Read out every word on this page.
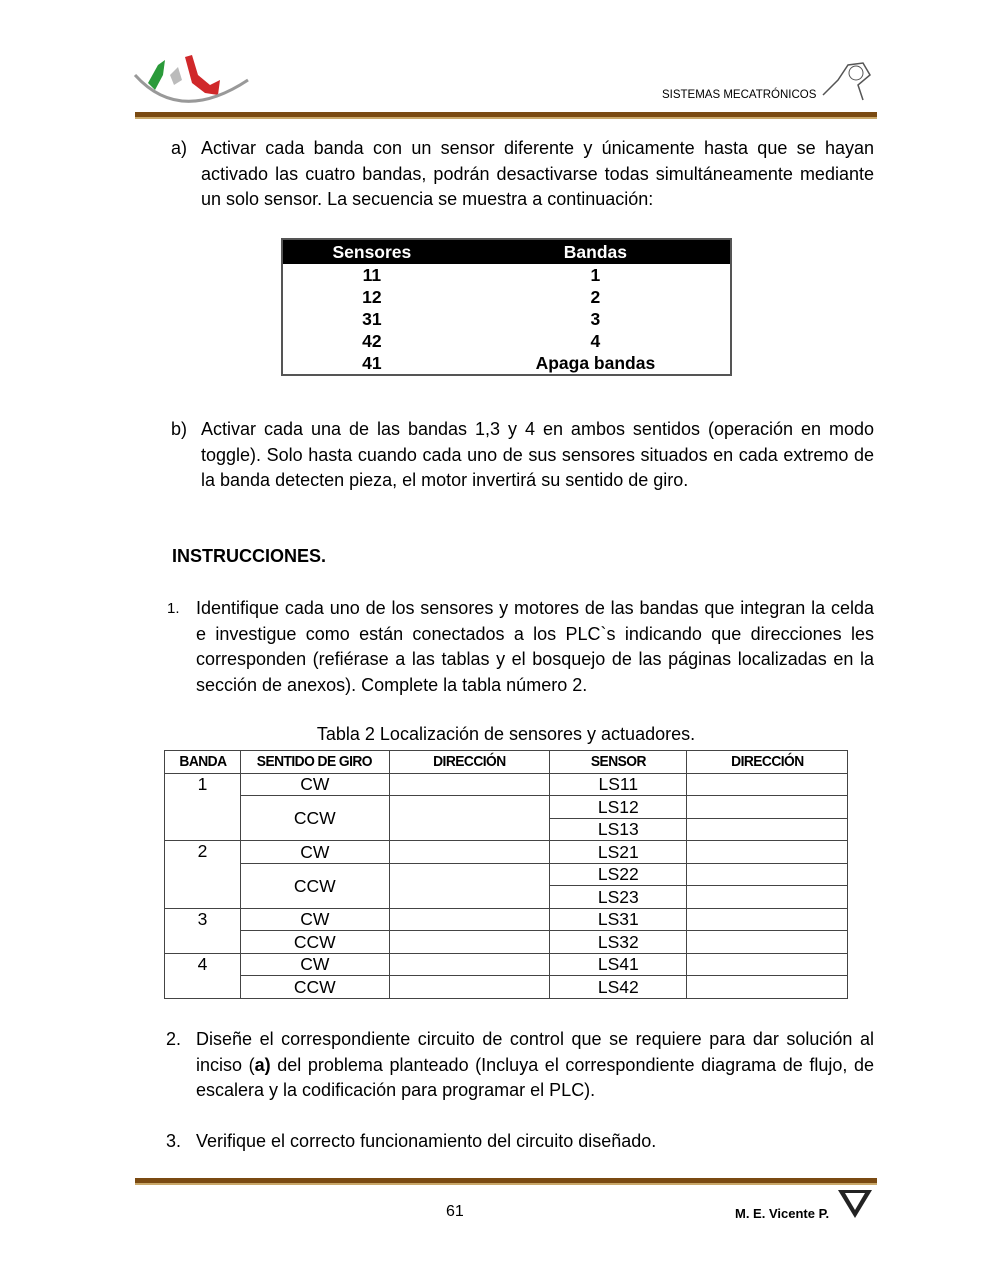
SISTEMAS MECATRÓNICOS
a) Activar cada banda con un sensor diferente y únicamente hasta que se hayan activado las cuatro bandas, podrán desactivarse todas simultáneamente mediante un solo sensor. La secuencia se muestra a continuación:
Sensores	Bandas
11	1
12	2
31	3
42	4
41	Apaga bandas
b) Activar cada una de las bandas 1,3 y 4 en ambos sentidos (operación en modo toggle). Solo hasta cuando cada uno de sus sensores situados en cada extremo de la banda detecten pieza, el motor invertirá su sentido de giro.
INSTRUCCIONES.
1. Identifique cada uno de los sensores y motores de las bandas que integran la celda e investigue como están conectados a los PLC`s indicando que direcciones les corresponden (refiérase a las tablas y el bosquejo de las páginas localizadas en la sección de anexos). Complete la tabla número 2.
Tabla 2 Localización de sensores y actuadores.
BANDA	SENTIDO DE GIRO	DIRECCIÓN	SENSOR	DIRECCIÓN
1	CW		LS11	
	CCW		LS12	
			LS13	
2	CW		LS21	
	CCW		LS22	
			LS23	
3	CW		LS31	
	CCW		LS32	
4	CW		LS41	
	CCW		LS42	
2. Diseñe el correspondiente circuito de control que se requiere para dar solución al inciso (a) del problema planteado (Incluya el correspondiente diagrama de flujo, de escalera y la codificación para programar el PLC).
3. Verifique el correcto funcionamiento del circuito diseñado.
61	M. E. Vicente P.
